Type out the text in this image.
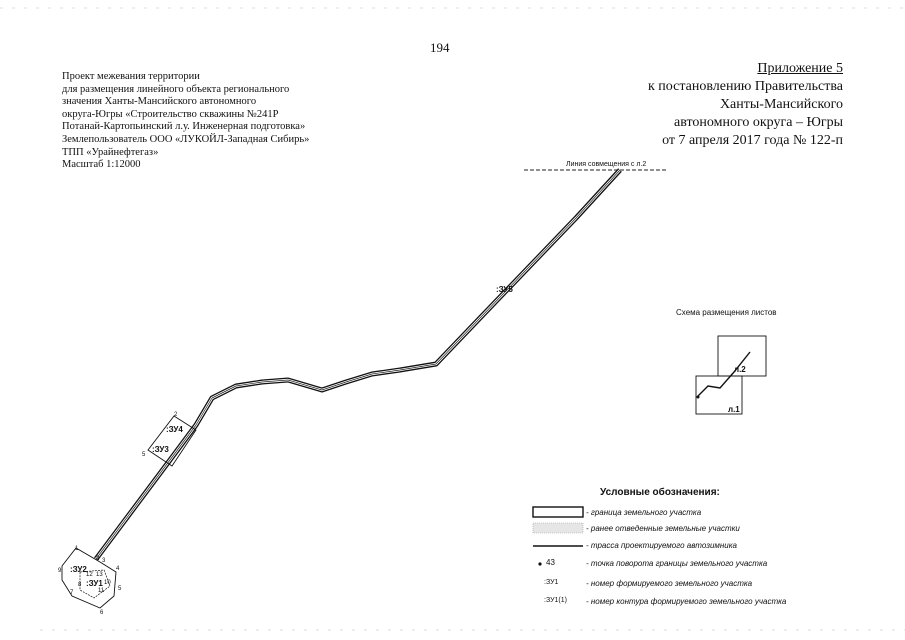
194
Приложение 5
к постановлению Правительства
Ханты-Мансийского
автономного округа – Югры
от 7 апреля 2017 года № 122-п
Проект межевания территории
для размещения линейного объекта регионального
значения Ханты-Мансийского автономного
округа-Югры «Строительство скважины №241Р
Потанай-Картопьинский л.у. Инженерная подготовка»
Землепользователь ООО «ЛУКОЙЛ-Западная Сибирь»
ТПП «Урайнефтегаз»
Масштаб 1:12000	Линия совмещения с л.2
2
5
:ЗУ4
:ЗУ3
:ЗУ5
:ЗУ2
:ЗУ1
1
2 3
4
5
6
7
8
9
10
11
12 13
л.2
л.1
Схема размещения листов
Условные обозначения:
- граница земельного участка
- ранее отведенные земельные участки
- трасса проектируемого автозимника
43	- точка поворота границы земельного участка
:ЗУ1	- номер формируемого земельного участка
:ЗУ1(1) - номер контура формируемого земельного участка
